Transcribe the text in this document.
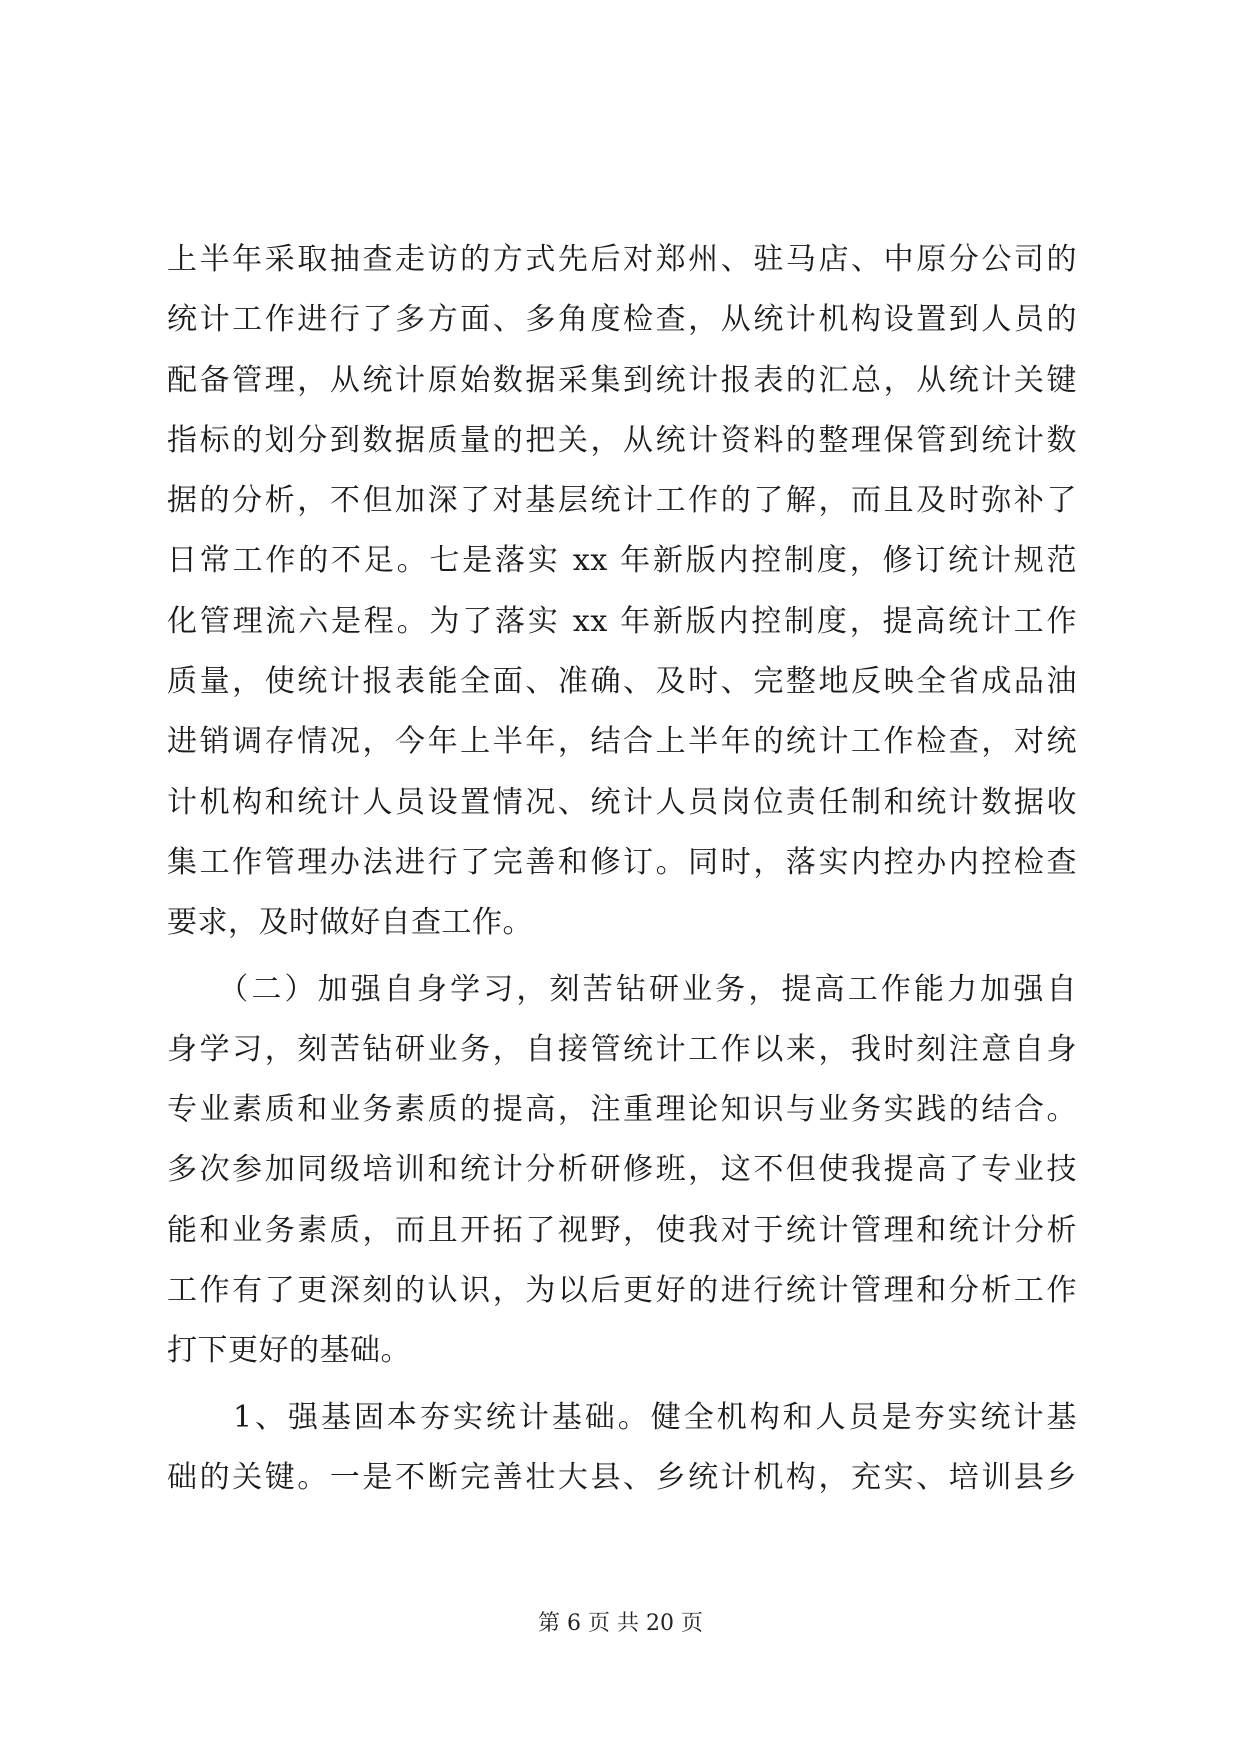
上半年采取抽查走访的方式先后对郑州、驻马店、中原分公司的
统计工作进行了多方面、多角度检查，从统计机构设置到人员的
配备管理，从统计原始数据采集到统计报表的汇总，从统计关键
指标的划分到数据质量的把关，从统计资料的整理保管到统计数
据的分析，不但加深了对基层统计工作的了解，而且及时弥补了
日常工作的不足。七是落实 xx 年新版内控制度，修订统计规范
化管理流六是程。为了落实 xx 年新版内控制度，提高统计工作
质量，使统计报表能全面、准确、及时、完整地反映全省成品油
进销调存情况，今年上半年，结合上半年的统计工作检查，对统
计机构和统计人员设置情况、统计人员岗位责任制和统计数据收
集工作管理办法进行了完善和修订。同时，落实内控办内控检查
要求，及时做好自查工作。
　　（二）加强自身学习，刻苦钻研业务，提高工作能力加强自
身学习，刻苦钻研业务，自接管统计工作以来，我时刻注意自身
专业素质和业务素质的提高，注重理论知识与业务实践的结合。
多次参加同级培训和统计分析研修班，这不但使我提高了专业技
能和业务素质，而且开拓了视野，使我对于统计管理和统计分析
工作有了更深刻的认识，为以后更好的进行统计管理和分析工作
打下更好的基础。
　　1、强基固本夯实统计基础。健全机构和人员是夯实统计基
础的关键。一是不断完善壮大县、乡统计机构，充实、培训县乡
第 6 页 共 20 页
